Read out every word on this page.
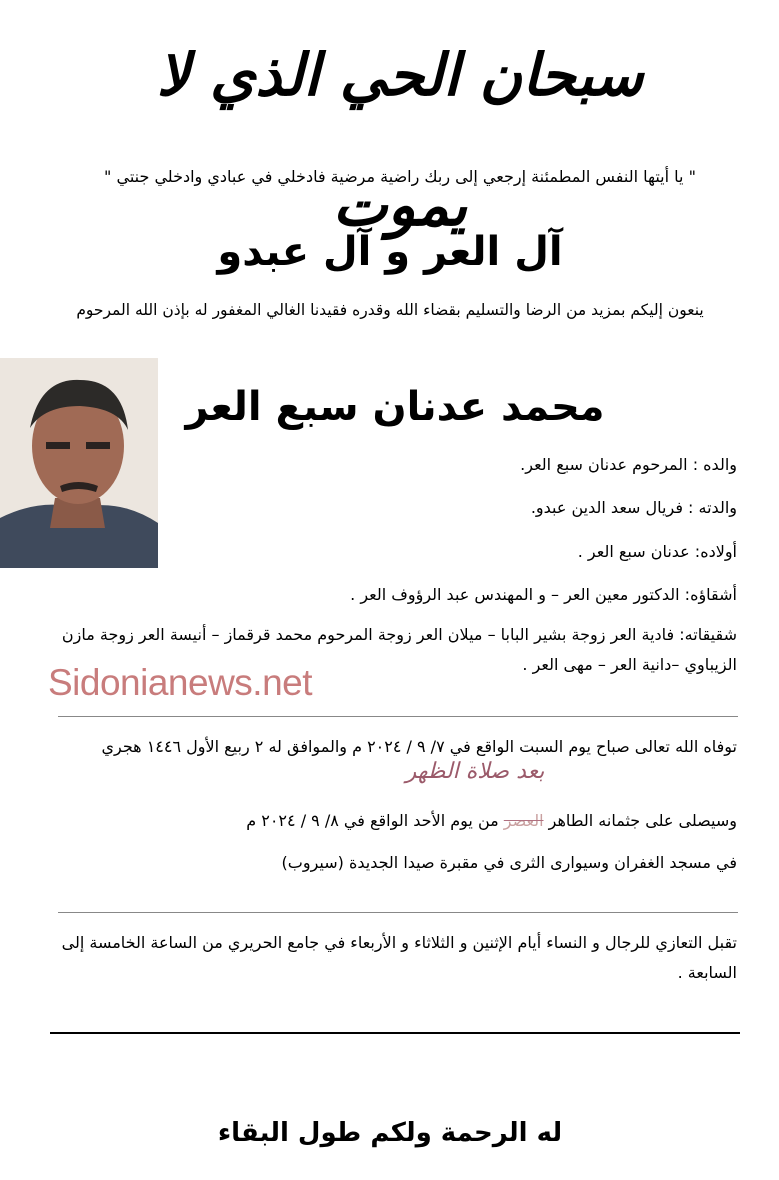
سبحان الحي الذي لا يموت
" يا أيتها النفس المطمئنة إرجعي إلى ربك راضية مرضية فادخلي في عبادي وادخلي جنتي "
آل العر و آل عبدو
ينعون إليكم بمزيد من الرضا والتسليم بقضاء الله وقدره فقيدنا الغالي المغفور له بإذن الله المرحوم
محمد عدنان سبع العر
والده : المرحوم عدنان سبع العر.
والدته : فريال سعد الدين عبدو.
أولاده: عدنان سبع العر .
أشقاؤه: الدكتور معين العر – و المهندس عبد الرؤوف العر .
شقيقاته: فادية العر زوجة بشير البابا – ميلان العر زوجة المرحوم محمد قرقماز – أنيسة العر زوجة مازن الزيباوي –دانية العر – مهى العر .
Sidonianews.net
توفاه الله تعالى صباح يوم السبت الواقع في ٧/ ٩ / ٢٠٢٤ م والموافق له ٢ ربيع الأول ١٤٤٦ هجري
بعد صلاة الظهر
وسيصلى على جثمانه الطاهر العصر من يوم الأحد الواقع في ٨/ ٩ / ٢٠٢٤ م
في مسجد الغفران وسيوارى الثرى في مقبرة صيدا الجديدة (سيروب)
تقبل التعازي للرجال و النساء أيام الإثنين و الثلاثاء و الأربعاء في جامع الحريري من الساعة الخامسة إلى السابعة .
له الرحمة ولكم طول البقاء
